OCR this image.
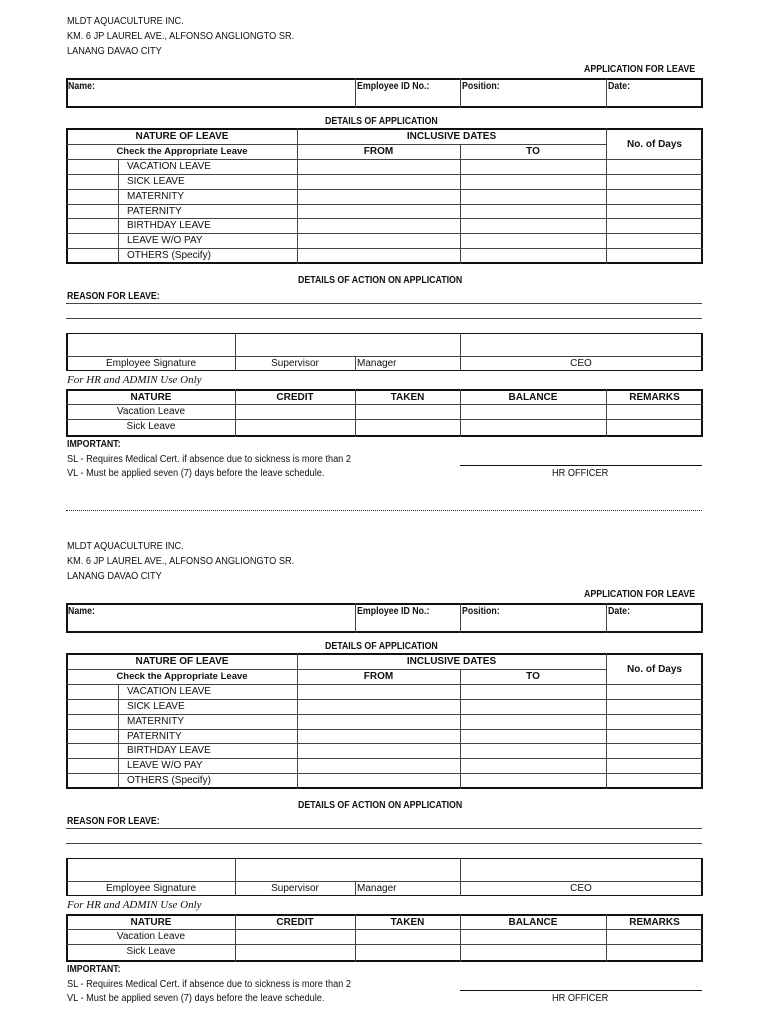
MLDT AQUACULTURE INC.
KM. 6 JP LAUREL AVE., ALFONSO ANGLIONGTO SR.
LANANG DAVAO CITY
APPLICATION FOR LEAVE
Name:	Employee ID No.:	Position:	Date:
DETAILS OF APPLICATION
NATURE OF LEAVE
Check the Appropriate Leave
INCLUSIVE DATES
FROM	TO
No. of Days
VACATION LEAVE
SICK LEAVE
MATERNITY
PATERNITY
BIRTHDAY LEAVE
LEAVE W/O PAY
OTHERS (Specify)
DETAILS OF ACTION ON APPLICATION
REASON FOR LEAVE:
Employee Signature	Supervisor	Manager	CEO
For HR and ADMIN Use Only
NATURE	CREDIT	TAKEN	BALANCE	REMARKS
Vacation Leave
Sick Leave
IMPORTANT:
SL - Requires Medical Cert. if absence due to sickness is more than 2
VL - Must be applied seven (7) days before the leave schedule.	HR OFFICER
MLDT AQUACULTURE INC.
KM. 6 JP LAUREL AVE., ALFONSO ANGLIONGTO SR.
LANANG DAVAO CITY
APPLICATION FOR LEAVE
Name:	Employee ID No.:	Position:	Date:
DETAILS OF APPLICATION
NATURE OF LEAVE
Check the Appropriate Leave
INCLUSIVE DATES
FROM	TO
No. of Days
VACATION LEAVE
SICK LEAVE
MATERNITY
PATERNITY
BIRTHDAY LEAVE
LEAVE W/O PAY
OTHERS (Specify)
DETAILS OF ACTION ON APPLICATION
REASON FOR LEAVE:
Employee Signature	Supervisor	Manager	CEO
For HR and ADMIN Use Only
NATURE	CREDIT	TAKEN	BALANCE	REMARKS
Vacation Leave
Sick Leave
IMPORTANT:
SL - Requires Medical Cert. if absence due to sickness is more than 2
VL - Must be applied seven (7) days before the leave schedule.	HR OFFICER
